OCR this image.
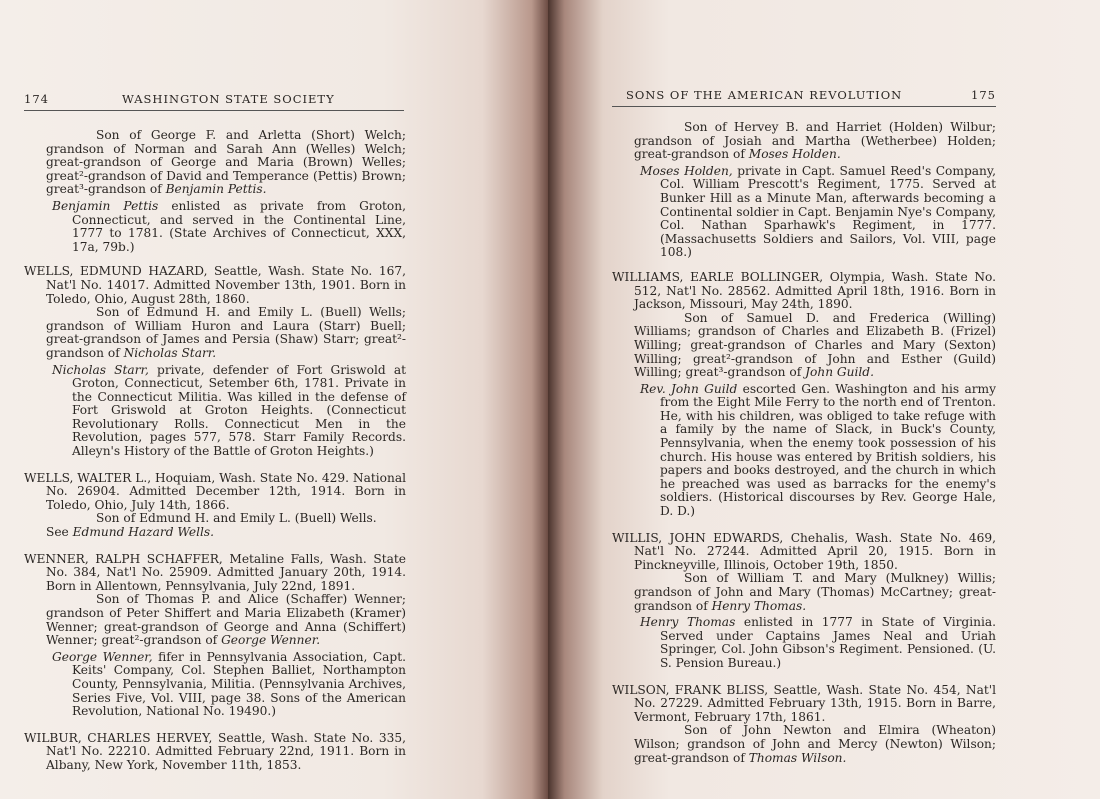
174	WASHINGTON STATE SOCIETY

Son of George F. and Arletta (Short) Welch; grandson of Norman and Sarah Ann (Welles) Welch; great-grandson of George and Maria (Brown) Welles; great²-grandson of David and Temperance (Pettis) Brown; great³-grandson of Benjamin Pettis.

Benjamin Pettis enlisted as private from Groton, Connecticut, and served in the Continental Line, 1777 to 1781. (State Archives of Connecticut, XXX, 17a, 79b.)

WELLS, EDMUND HAZARD, Seattle, Wash. State No. 167, Nat'l No. 14017. Admitted November 13th, 1901. Born in Toledo, Ohio, August 28th, 1860.

Son of Edmund H. and Emily L. (Buell) Wells; grandson of William Huron and Laura (Starr) Buell; great-grandson of James and Persia (Shaw) Starr; great²-grandson of Nicholas Starr.

Nicholas Starr, private, defender of Fort Griswold at Groton, Connecticut, Setember 6th, 1781. Private in the Connecticut Militia. Was killed in the defense of Fort Griswold at Groton Heights. (Connecticut Revolutionary Rolls. Connecticut Men in the Revolution, pages 577, 578. Starr Family Records. Alleyn's History of the Battle of Groton Heights.)

WELLS, WALTER L., Hoquiam, Wash. State No. 429. National No. 26904. Admitted December 12th, 1914. Born in Toledo, Ohio, July 14th, 1866.

Son of Edmund H. and Emily L. (Buell) Wells.

See Edmund Hazard Wells.

WENNER, RALPH SCHAFFER, Metaline Falls, Wash. State No. 384, Nat'l No. 25909. Admitted January 20th, 1914. Born in Allentown, Pennsylvania, July 22nd, 1891.

Son of Thomas P. and Alice (Schaffer) Wenner; grandson of Peter Shiffert and Maria Elizabeth (Kramer) Wenner; great-grandson of George and Anna (Schiffert) Wenner; great²-grandson of George Wenner.

George Wenner, fifer in Pennsylvania Association, Capt. Keits' Company, Col. Stephen Balliet, Northampton County, Pennsylvania, Militia. (Pennsylvania Archives, Series Five, Vol. VIII, page 38. Sons of the American Revolution, National No. 19490.)

WILBUR, CHARLES HERVEY, Seattle, Wash. State No. 335, Nat'l No. 22210. Admitted February 22nd, 1911. Born in Albany, New York, November 11th, 1853.

SONS OF THE AMERICAN REVOLUTION	175

Son of Hervey B. and Harriet (Holden) Wilbur; grandson of Josiah and Martha (Wetherbee) Holden; great-grandson of Moses Holden.

Moses Holden, private in Capt. Samuel Reed's Company, Col. William Prescott's Regiment, 1775. Served at Bunker Hill as a Minute Man, afterwards becoming a Continental soldier in Capt. Benjamin Nye's Company, Col. Nathan Sparhawk's Regiment, in 1777. (Massachusetts Soldiers and Sailors, Vol. VIII, page 108.)

WILLIAMS, EARLE BOLLINGER, Olympia, Wash. State No. 512, Nat'l No. 28562. Admitted April 18th, 1916. Born in Jackson, Missouri, May 24th, 1890.

Son of Samuel D. and Frederica (Willing) Williams; grandson of Charles and Elizabeth B. (Frizel) Willing; great-grandson of Charles and Mary (Sexton) Willing; great²-grandson of John and Esther (Guild) Willing; great³-grandson of John Guild.

Rev. John Guild escorted Gen. Washington and his army from the Eight Mile Ferry to the north end of Trenton. He, with his children, was obliged to take refuge with a family by the name of Slack, in Buck's County, Pennsylvania, when the enemy took possession of his church. His house was entered by British soldiers, his papers and books destroyed, and the church in which he preached was used as barracks for the enemy's soldiers. (Historical discourses by Rev. George Hale, D. D.)

WILLIS, JOHN EDWARDS, Chehalis, Wash. State No. 469, Nat'l No. 27244. Admitted April 20, 1915. Born in Pinckneyville, Illinois, October 19th, 1850.

Son of William T. and Mary (Mulkney) Willis; grandson of John and Mary (Thomas) McCartney; great-grandson of Henry Thomas.

Henry Thomas enlisted in 1777 in State of Virginia. Served under Captains James Neal and Uriah Springer, Col. John Gibson's Regiment. Pensioned. (U. S. Pension Bureau.)

WILSON, FRANK BLISS, Seattle, Wash. State No. 454, Nat'l No. 27229. Admitted February 13th, 1915. Born in Barre, Vermont, February 17th, 1861.

Son of John Newton and Elmira (Wheaton) Wilson; grandson of John and Mercy (Newton) Wilson; great-grandson of Thomas Wilson.
